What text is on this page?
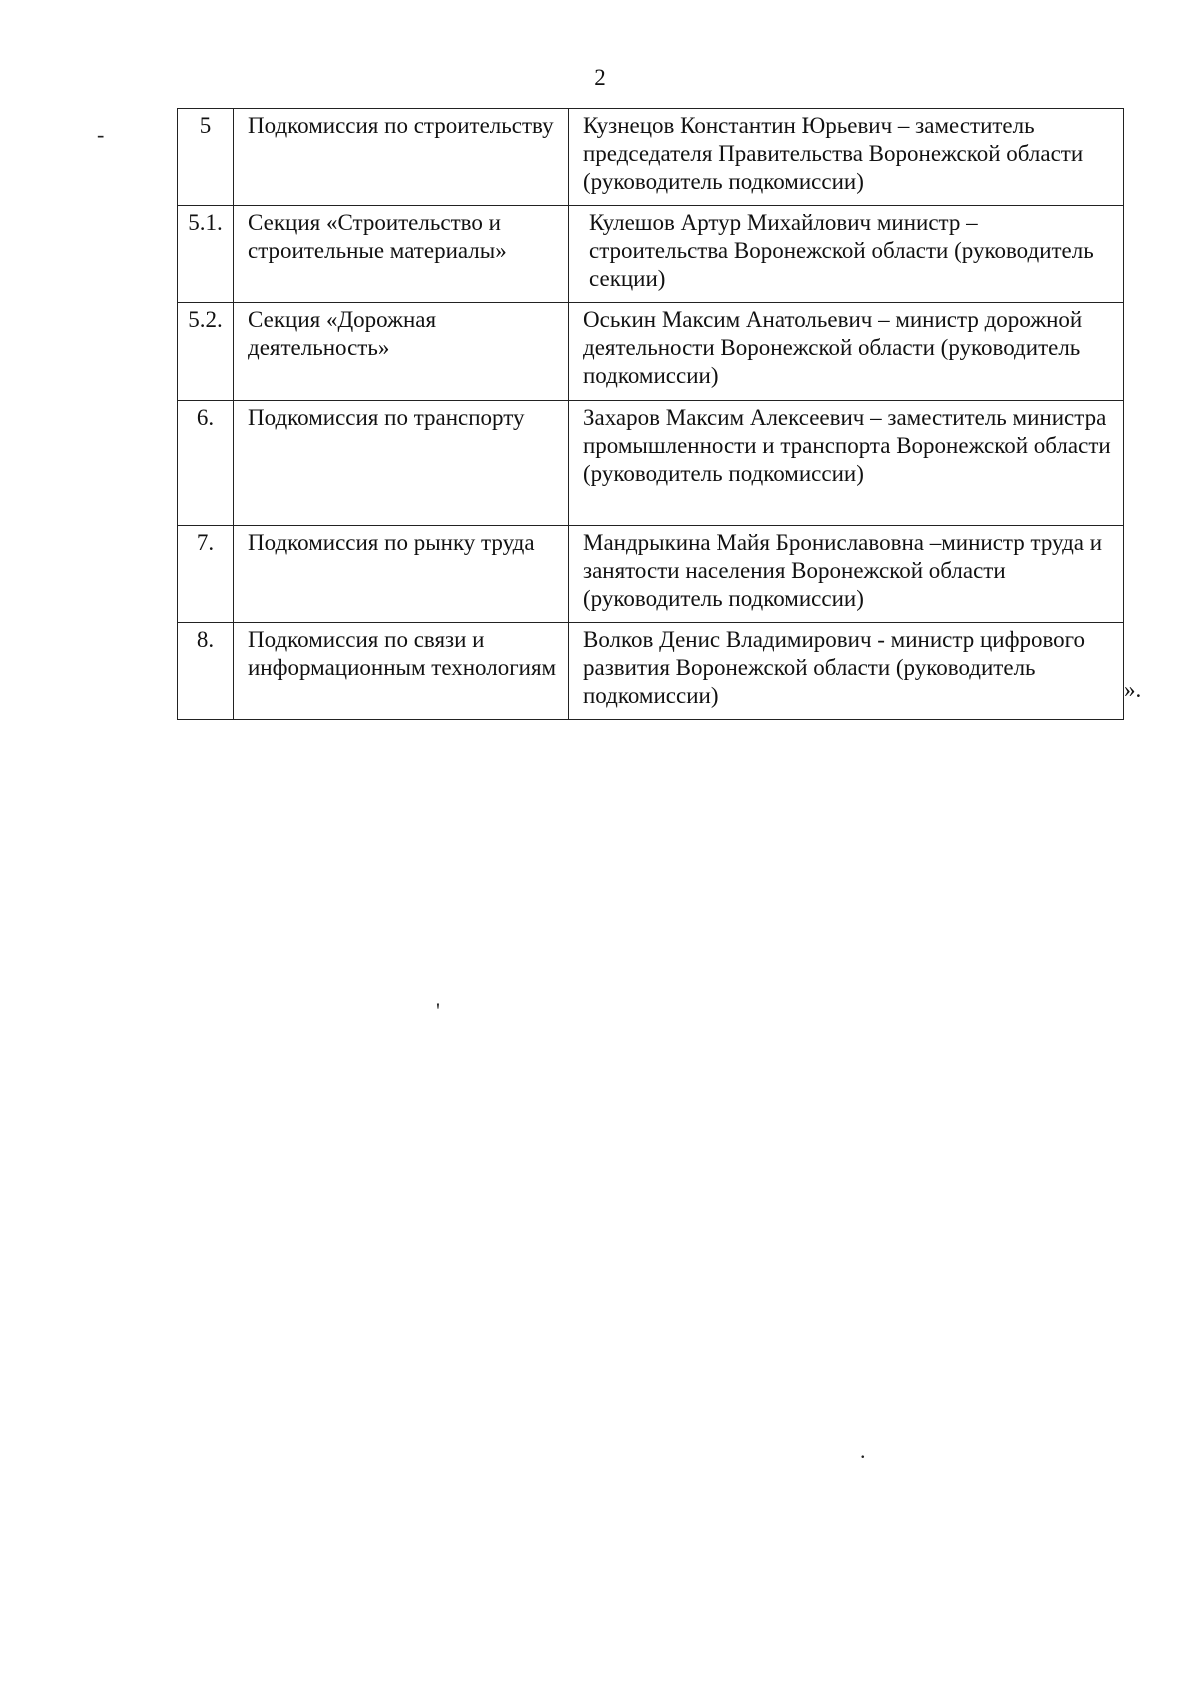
2
-	5	Подкомиссия по строительству	Кузнецов Константин Юрьевич – заместитель председателя Правительства Воронежской области (руководитель подкомиссии)
5.1.	Секция «Строительство и строительные материалы»	Кулешов Артур Михайлович министр – строительства Воронежской области (руководитель секции)
5.2.	Секция «Дорожная деятельность»	Оськин Максим Анатольевич – министр дорожной деятельности Воронежской области (руководитель подкомиссии)
6.	Подкомиссия по транспорту	Захаров Максим Алексеевич – заместитель министра промышленности и транспорта Воронежской области (руководитель подкомиссии)
7.	Подкомиссия по рынку труда	Мандрыкина Майя Брониславовна –министр труда и занятости населения Воронежской области (руководитель подкомиссии)
8.	Подкомиссия по связи и информационным технологиям	Волков Денис Владимирович - министр цифрового развития Воронежской области (руководитель подкомиссии)	».
'
.
